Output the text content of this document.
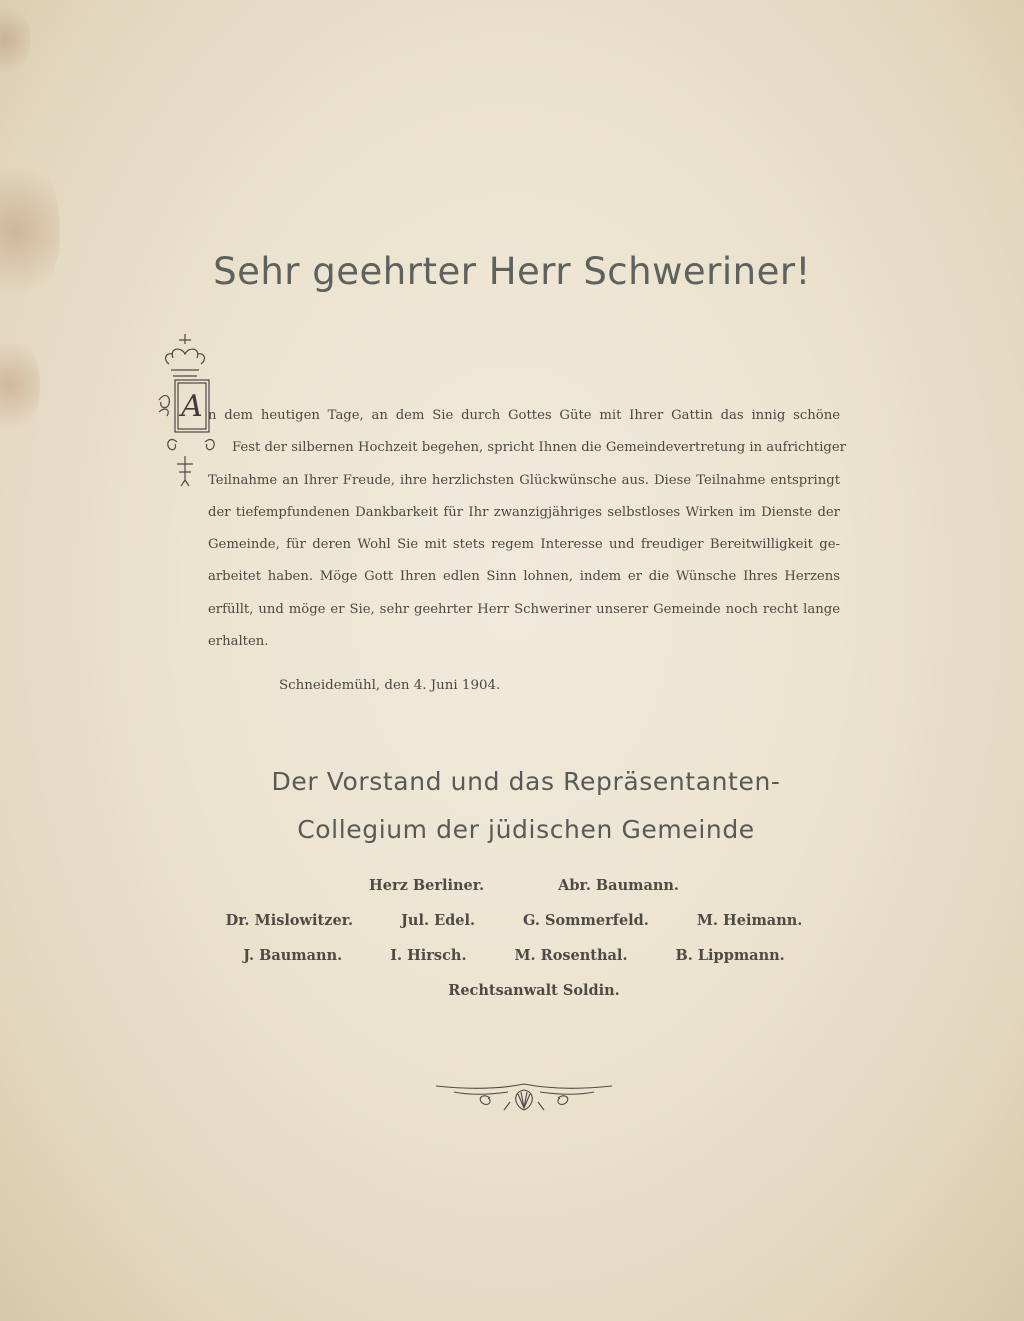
Sehr geehrter Herr Schweriner!
A n dem heutigen Tage, an dem Sie durch Gottes Güte mit Ihrer Gattin das innig schöne
Fest der silbernen Hochzeit begehen, spricht Ihnen die Gemeindevertretung in aufrichtiger
Teilnahme an Ihrer Freude, ihre herzlichsten Glückwünsche aus. Diese Teilnahme entspringt
der tiefempfundenen Dankbarkeit für Ihr zwanzigjähriges selbstloses Wirken im Dienste der
Gemeinde, für deren Wohl Sie mit stets regem Interesse und freudiger Bereitwilligkeit ge-
arbeitet haben. Möge Gott Ihren edlen Sinn lohnen, indem er die Wünsche Ihres Herzens
erfüllt, und möge er Sie, sehr geehrter Herr Schweriner unserer Gemeinde noch recht lange
erhalten.
Schneidemühl, den 4. Juni 1904.
Der Vorstand und das Repräsentanten-
Collegium der jüdischen Gemeinde
Herz Berliner.	Abr. Baumann.
Dr. Mislowitzer.	Jul. Edel.	G. Sommerfeld.	M. Heimann.
J. Baumann.	I. Hirsch.	M. Rosenthal.	B. Lippmann.
Rechtsanwalt Soldin.
